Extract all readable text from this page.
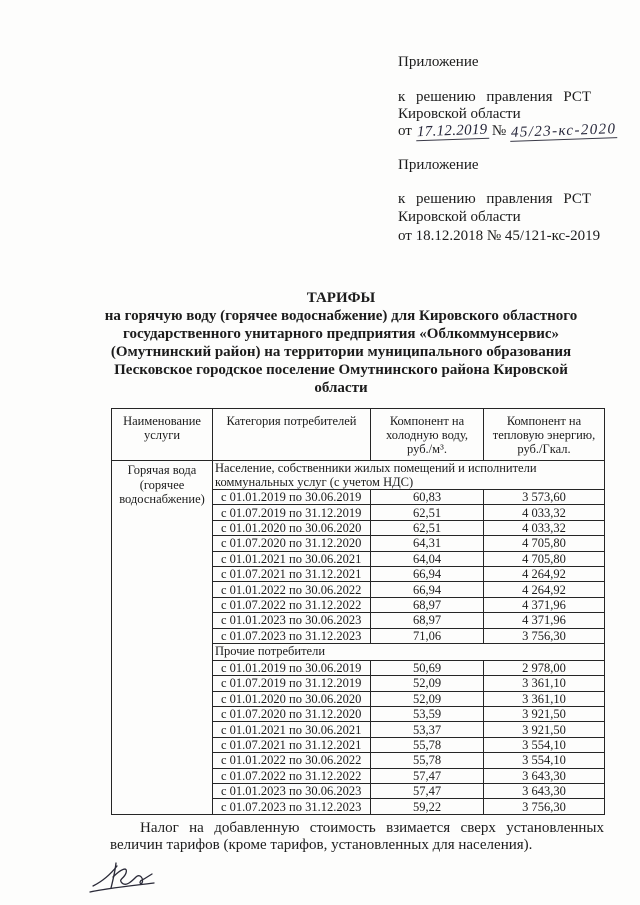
Приложение
к решению правления РСТ
Кировской области
от 17.12.2019 № 45/23-кс-2020
Приложение
к решению правления РСТ
Кировской области
от 18.12.2018 № 45/121-кс-2019
ТАРИФЫ
на горячую воду (горячее водоснабжение) для Кировского областного
государственного унитарного предприятия «Облкоммунсервис»
(Омутнинский район) на территории муниципального образования
Песковское городское поселение Омутнинского района Кировской
области
Наименование услуги	Категория потребителей	Компонент на холодную воду, руб./м³.	Компонент на тепловую энергию, руб./Гкал.
Горячая вода (горячее водоснабжение)	Население, собственники жилых помещений и исполнители коммунальных услуг (с учетом НДС)		
	с 01.01.2019 по 30.06.2019	60,83	3 573,60
	с 01.07.2019 по 31.12.2019	62,51	4 033,32
	с 01.01.2020 по 30.06.2020	62,51	4 033,32
	с 01.07.2020 по 31.12.2020	64,31	4 705,80
	с 01.01.2021 по 30.06.2021	64,04	4 705,80
	с 01.07.2021 по 31.12.2021	66,94	4 264,92
	с 01.01.2022 по 30.06.2022	66,94	4 264,92
	с 01.07.2022 по 31.12.2022	68,97	4 371,96
	с 01.01.2023 по 30.06.2023	68,97	4 371,96
	с 01.07.2023 по 31.12.2023	71,06	3 756,30
	Прочие потребители		
	с 01.01.2019 по 30.06.2019	50,69	2 978,00
	с 01.07.2019 по 31.12.2019	52,09	3 361,10
	с 01.01.2020 по 30.06.2020	52,09	3 361,10
	с 01.07.2020 по 31.12.2020	53,59	3 921,50
	с 01.01.2021 по 30.06.2021	53,37	3 921,50
	с 01.07.2021 по 31.12.2021	55,78	3 554,10
	с 01.01.2022 по 30.06.2022	55,78	3 554,10
	с 01.07.2022 по 31.12.2022	57,47	3 643,30
	с 01.01.2023 по 30.06.2023	57,47	3 643,30
	с 01.07.2023 по 31.12.2023	59,22	3 756,30
Налог на добавленную стоимость взимается сверх установленных
величин тарифов (кроме тарифов, установленных для населения).
